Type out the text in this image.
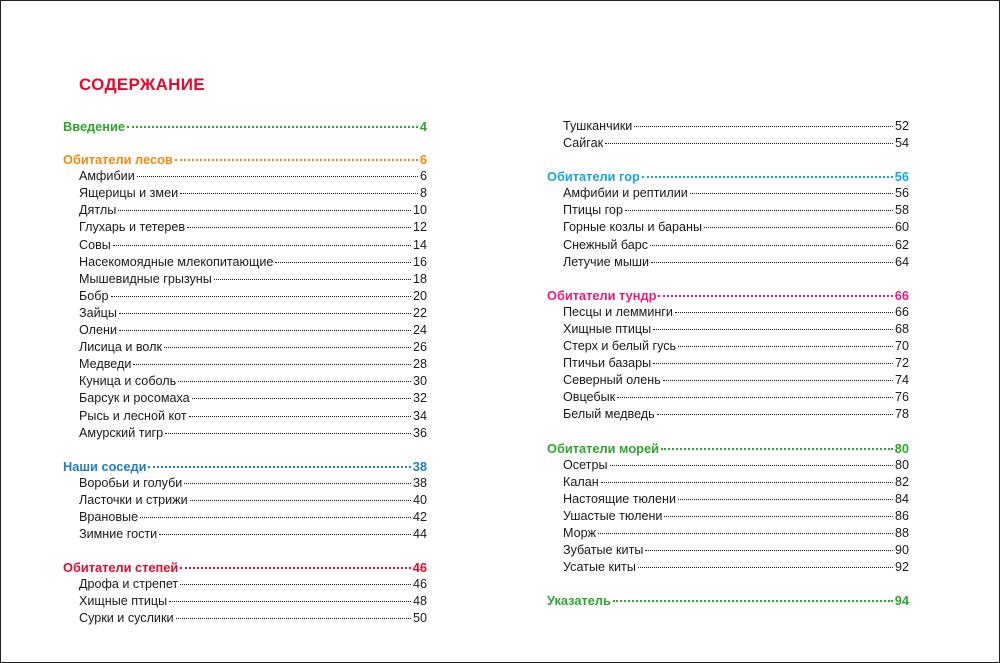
СОДЕРЖАНИЕ
Введение	4
Обитатели лесов	6
Амфибии	6
Ящерицы и змеи	8
Дятлы	10
Глухарь и тетерев	12
Совы	14
Насекомоядные млекопитающие	16
Мышевидные грызуны	18
Бобр	20
Зайцы	22
Олени	24
Лисица и волк	26
Медведи	28
Куница и соболь	30
Барсук и росомаха	32
Рысь и лесной кот	34
Амурский тигр	36
Наши соседи	38
Воробьи и голуби	38
Ласточки и стрижи	40
Врановые	42
Зимние гости	44
Обитатели степей	46
Дрофа и стрепет	46
Хищные птицы	48
Сурки и суслики	50
Тушканчики	52
Сайгак	54
Обитатели гор	56
Амфибии и рептилии	56
Птицы гор	58
Горные козлы и бараны	60
Снежный барс	62
Летучие мыши	64
Обитатели тундр	66
Песцы и лемминги	66
Хищные птицы	68
Стерх и белый гусь	70
Птичьи базары	72
Северный олень	74
Овцебык	76
Белый медведь	78
Обитатели морей	80
Осетры	80
Калан	82
Настоящие тюлени	84
Ушастые тюлени	86
Морж	88
Зубатые киты	90
Усатые киты	92
Указатель	94
